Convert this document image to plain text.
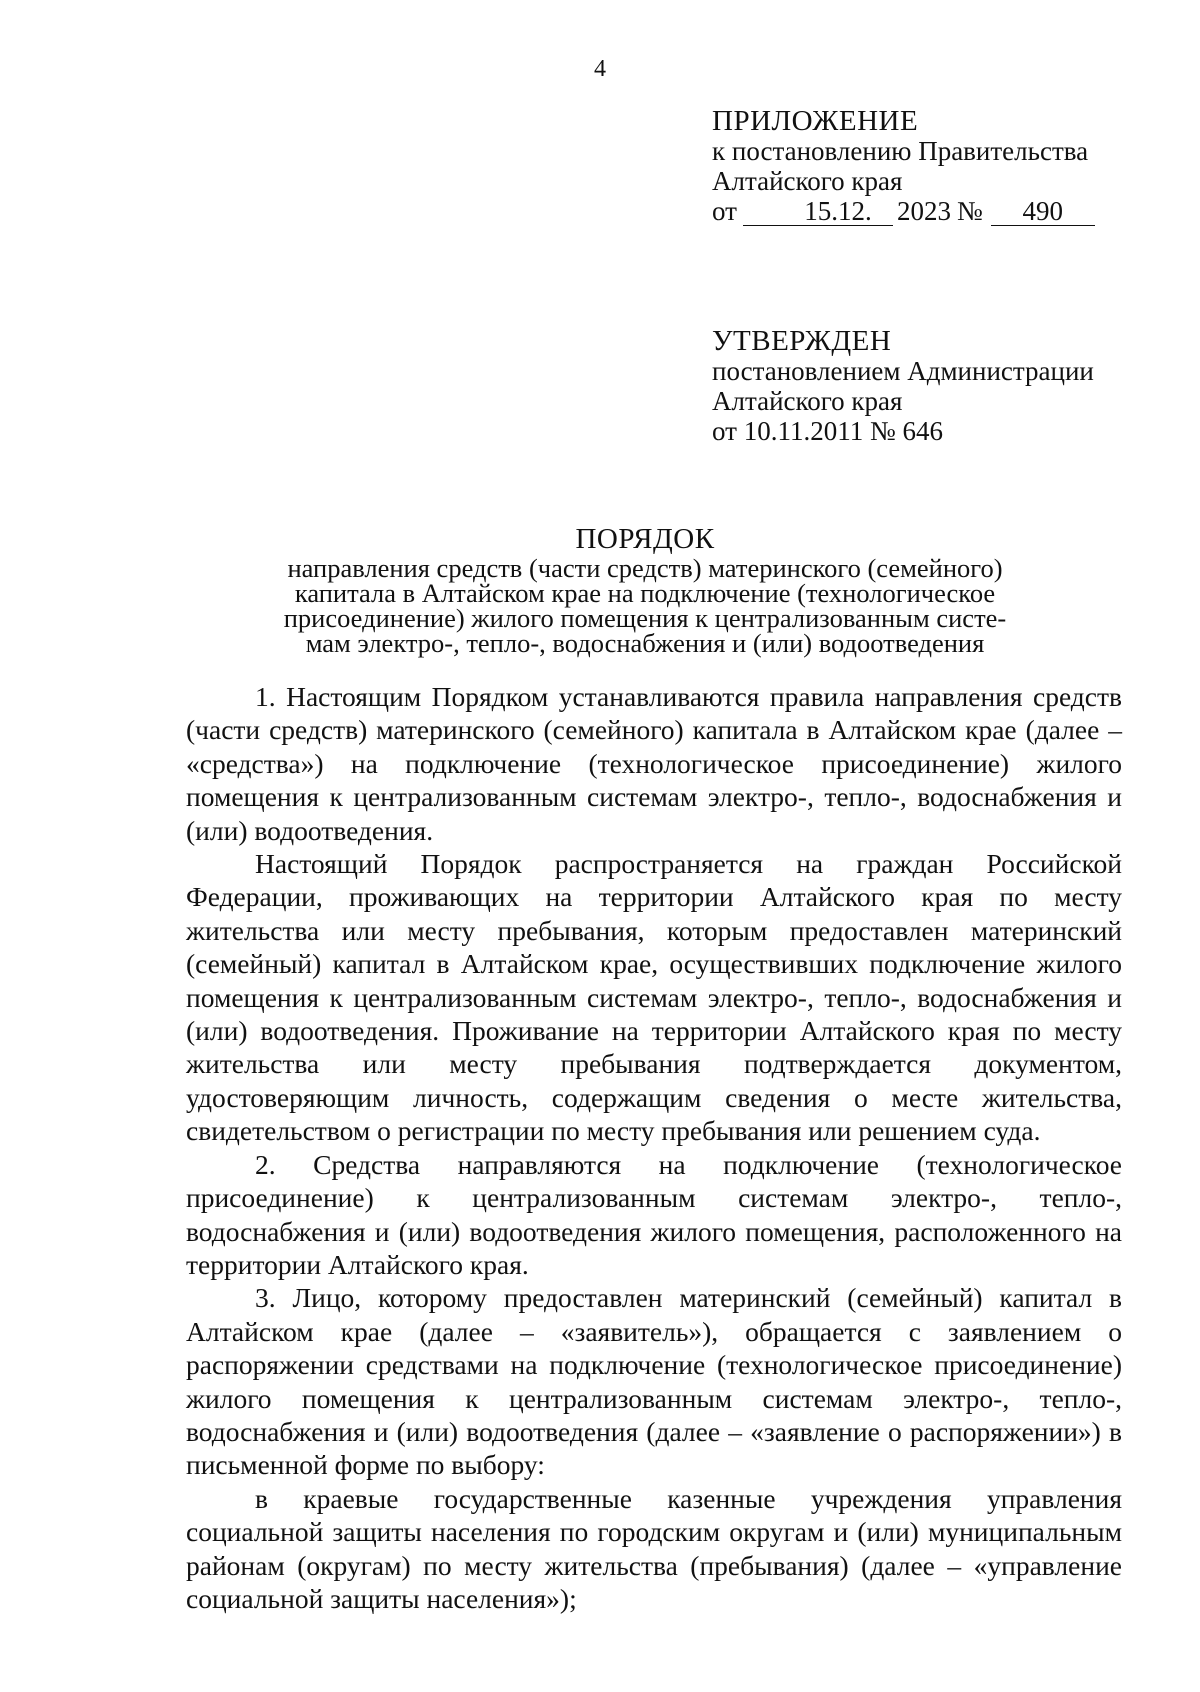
4
ПРИЛОЖЕНИЕ
к постановлению Правительства
Алтайского края
от	15.12. 2023 №	490
УТВЕРЖДЕН
постановлением Администрации
Алтайского края
от 10.11.2011 № 646
ПОРЯДОК
направления средств (части средств) материнского (семейного)
капитала в Алтайском крае на подключение (технологическое
присоединение) жилого помещения к централизованным систе-
мам электро-, тепло-, водоснабжения и (или) водоотведения

1. Настоящим Порядком устанавливаются правила направления средств (части средств) материнского (семейного) капитала в Алтайском крае (далее – «средства») на подключение (технологическое присоединение) жилого помещения к централизованным системам электро-, тепло-, водоснабжения и (или) водоотведения.

Настоящий Порядок распространяется на граждан Российской Федерации, проживающих на территории Алтайского края по месту жительства или месту пребывания, которым предоставлен материнский (семейный) капитал в Алтайском крае, осуществивших подключение жилого помещения к централизованным системам электро-, тепло-, водоснабжения и (или) водоотведения. Проживание на территории Алтайского края по месту жительства или месту пребывания подтверждается документом, удостоверяющим личность, содержащим сведения о месте жительства, свидетельством о регистрации по месту пребывания или решением суда.

2. Средства направляются на подключение (технологическое присоединение) к централизованным системам электро-, тепло-, водоснабжения и (или) водоотведения жилого помещения, расположенного на территории Алтайского края.

3. Лицо, которому предоставлен материнский (семейный) капитал в Алтайском крае (далее – «заявитель»), обращается с заявлением о распоряжении средствами на подключение (технологическое присоединение) жилого помещения к централизованным системам электро-, тепло-, водоснабжения и (или) водоотведения (далее – «заявление о распоряжении») в письменной форме по выбору:

в краевые государственные казенные учреждения управления социальной защиты населения по городским округам и (или) муниципальным районам (округам) по месту жительства (пребывания) (далее – «управление социальной защиты населения»);
